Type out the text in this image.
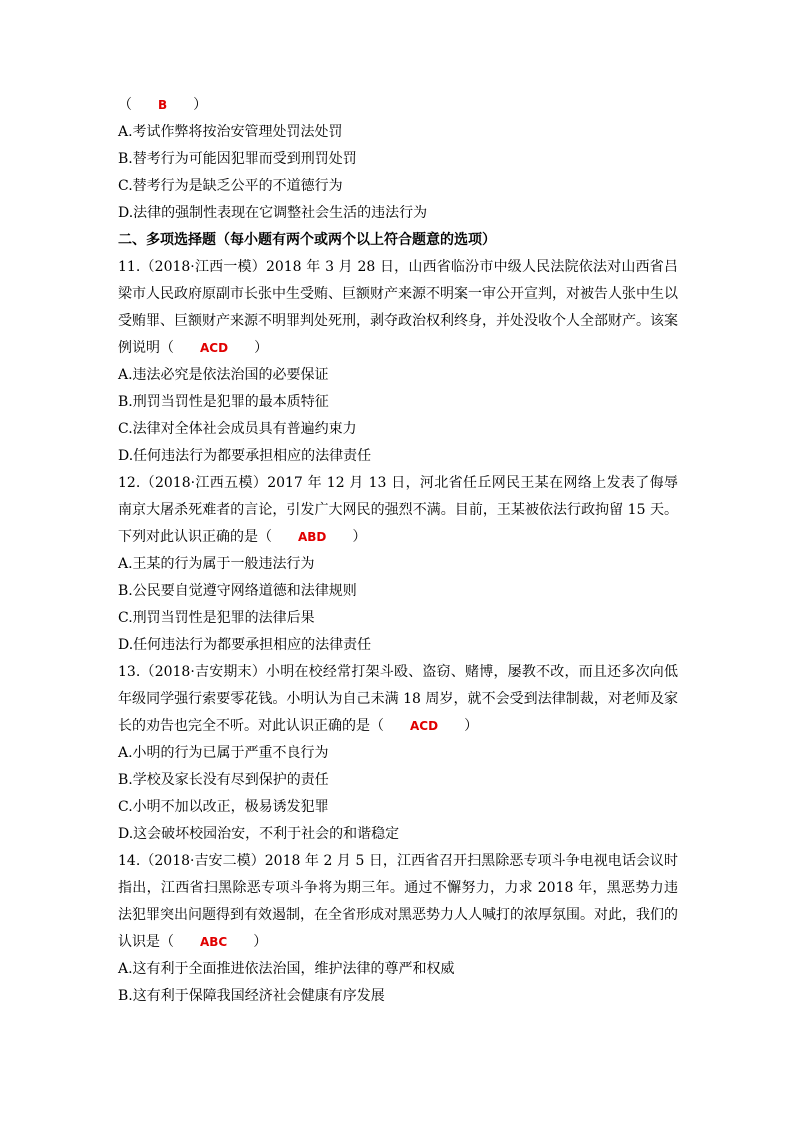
（ B ）
A.考试作弊将按治安管理处罚法处罚
B.替考行为可能因犯罪而受到刑罚处罚
C.替考行为是缺乏公平的不道德行为
D.法律的强制性表现在它调整社会生活的违法行为
二、多项选择题（每小题有两个或两个以上符合题意的选项）
11.（2018·江西一模）2018 年 3 月 28 日，山西省临汾市中级人民法院依法对山西省吕梁市人民政府原副市长张中生受贿、巨额财产来源不明案一审公开宣判，对被告人张中生以受贿罪、巨额财产来源不明罪判处死刑，剥夺政治权利终身，并处没收个人全部财产。该案例说明（ ACD ）
A.违法必究是依法治国的必要保证
B.刑罚当罚性是犯罪的最本质特征
C.法律对全体社会成员具有普遍约束力
D.任何违法行为都要承担相应的法律责任
12.（2018·江西五模）2017 年 12 月 13 日，河北省任丘网民王某在网络上发表了侮辱南京大屠杀死难者的言论，引发广大网民的强烈不满。目前，王某被依法行政拘留 15 天。下列对此认识正确的是（ ABD ）
A.王某的行为属于一般违法行为
B.公民要自觉遵守网络道德和法律规则
C.刑罚当罚性是犯罪的法律后果
D.任何违法行为都要承担相应的法律责任
13.（2018·吉安期末）小明在校经常打架斗殴、盗窃、赌博，屡教不改，而且还多次向低年级同学强行索要零花钱。小明认为自己未满 18 周岁，就不会受到法律制裁，对老师及家长的劝告也完全不听。对此认识正确的是（ ACD ）
A.小明的行为已属于严重不良行为
B.学校及家长没有尽到保护的责任
C.小明不加以改正，极易诱发犯罪
D.这会破坏校园治安，不利于社会的和谐稳定
14.（2018·吉安二模）2018 年 2 月 5 日，江西省召开扫黑除恶专项斗争电视电话会议时指出，江西省扫黑除恶专项斗争将为期三年。通过不懈努力，力求 2018 年，黑恶势力违法犯罪突出问题得到有效遏制，在全省形成对黑恶势力人人喊打的浓厚氛围。对此，我们的认识是（ ABC ）
A.这有利于全面推进依法治国，维护法律的尊严和权威
B.这有利于保障我国经济社会健康有序发展
